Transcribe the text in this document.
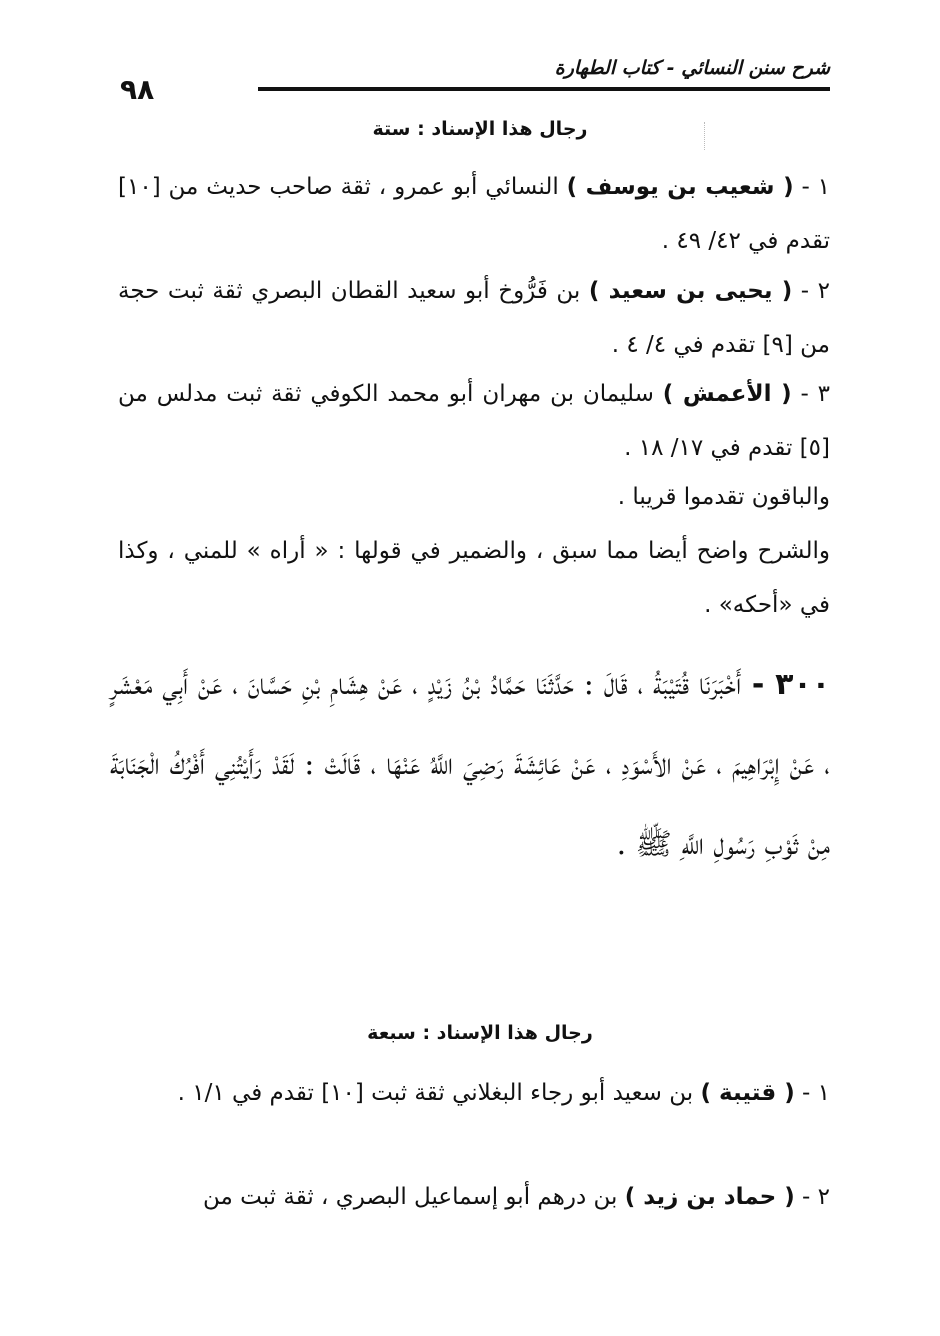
شرح سنن النسائي - كتاب الطهارة
٩٨
رجال هذا الإسناد : ستة
١ - ( شعيب بن يوسف ) النسائي أبو عمرو ، ثقة صاحب حديث من [١٠] تقدم في ٤٢/ ٤٩ .
٢ - ( يحيى بن سعيد ) بن فَرُّوخ أبو سعيد القطان البصري ثقة ثبت حجة من [٩] تقدم في ٤/ ٤ .
٣ - ( الأعمش ) سليمان بن مهران أبو محمد الكوفي ثقة ثبت مدلس من [٥] تقدم في ١٧/ ١٨ .
والباقون تقدموا قريبا .
والشرح واضح أيضا مما سبق ، والضمير في قولها : « أراه » للمني ، وكذا في «أحكه» .
٣٠٠ - أَخْبَرَنَا قُتَيْبَةُ ، قَالَ : حَدَّثَنَا حَمَّادُ بْنُ زَيْدٍ ، عَنْ هِشَامِ بْنِ حَسَّانَ ، عَنْ أَبِي مَعْشَرٍ ، عَنْ إِبْرَاهِيمَ ، عَنْ الأَسْوَدِ ، عَنْ عَائِشَةَ رَضِيَ اللَّهُ عَنْهَا ، قَالَتْ : لَقَدْ رَأَيْتُنِي أَفْرُكُ الْجَنَابَةَ مِنْ ثَوْبِ رَسُولِ اللَّهِ ﷺ .
رجال هذا الإسناد : سبعة
١ - ( قتيبة ) بن سعيد أبو رجاء البغلاني ثقة ثبت [١٠] تقدم في ١/١ .
٢ - ( حماد بن زيد ) بن درهم أبو إسماعيل البصري ، ثقة ثبت من
